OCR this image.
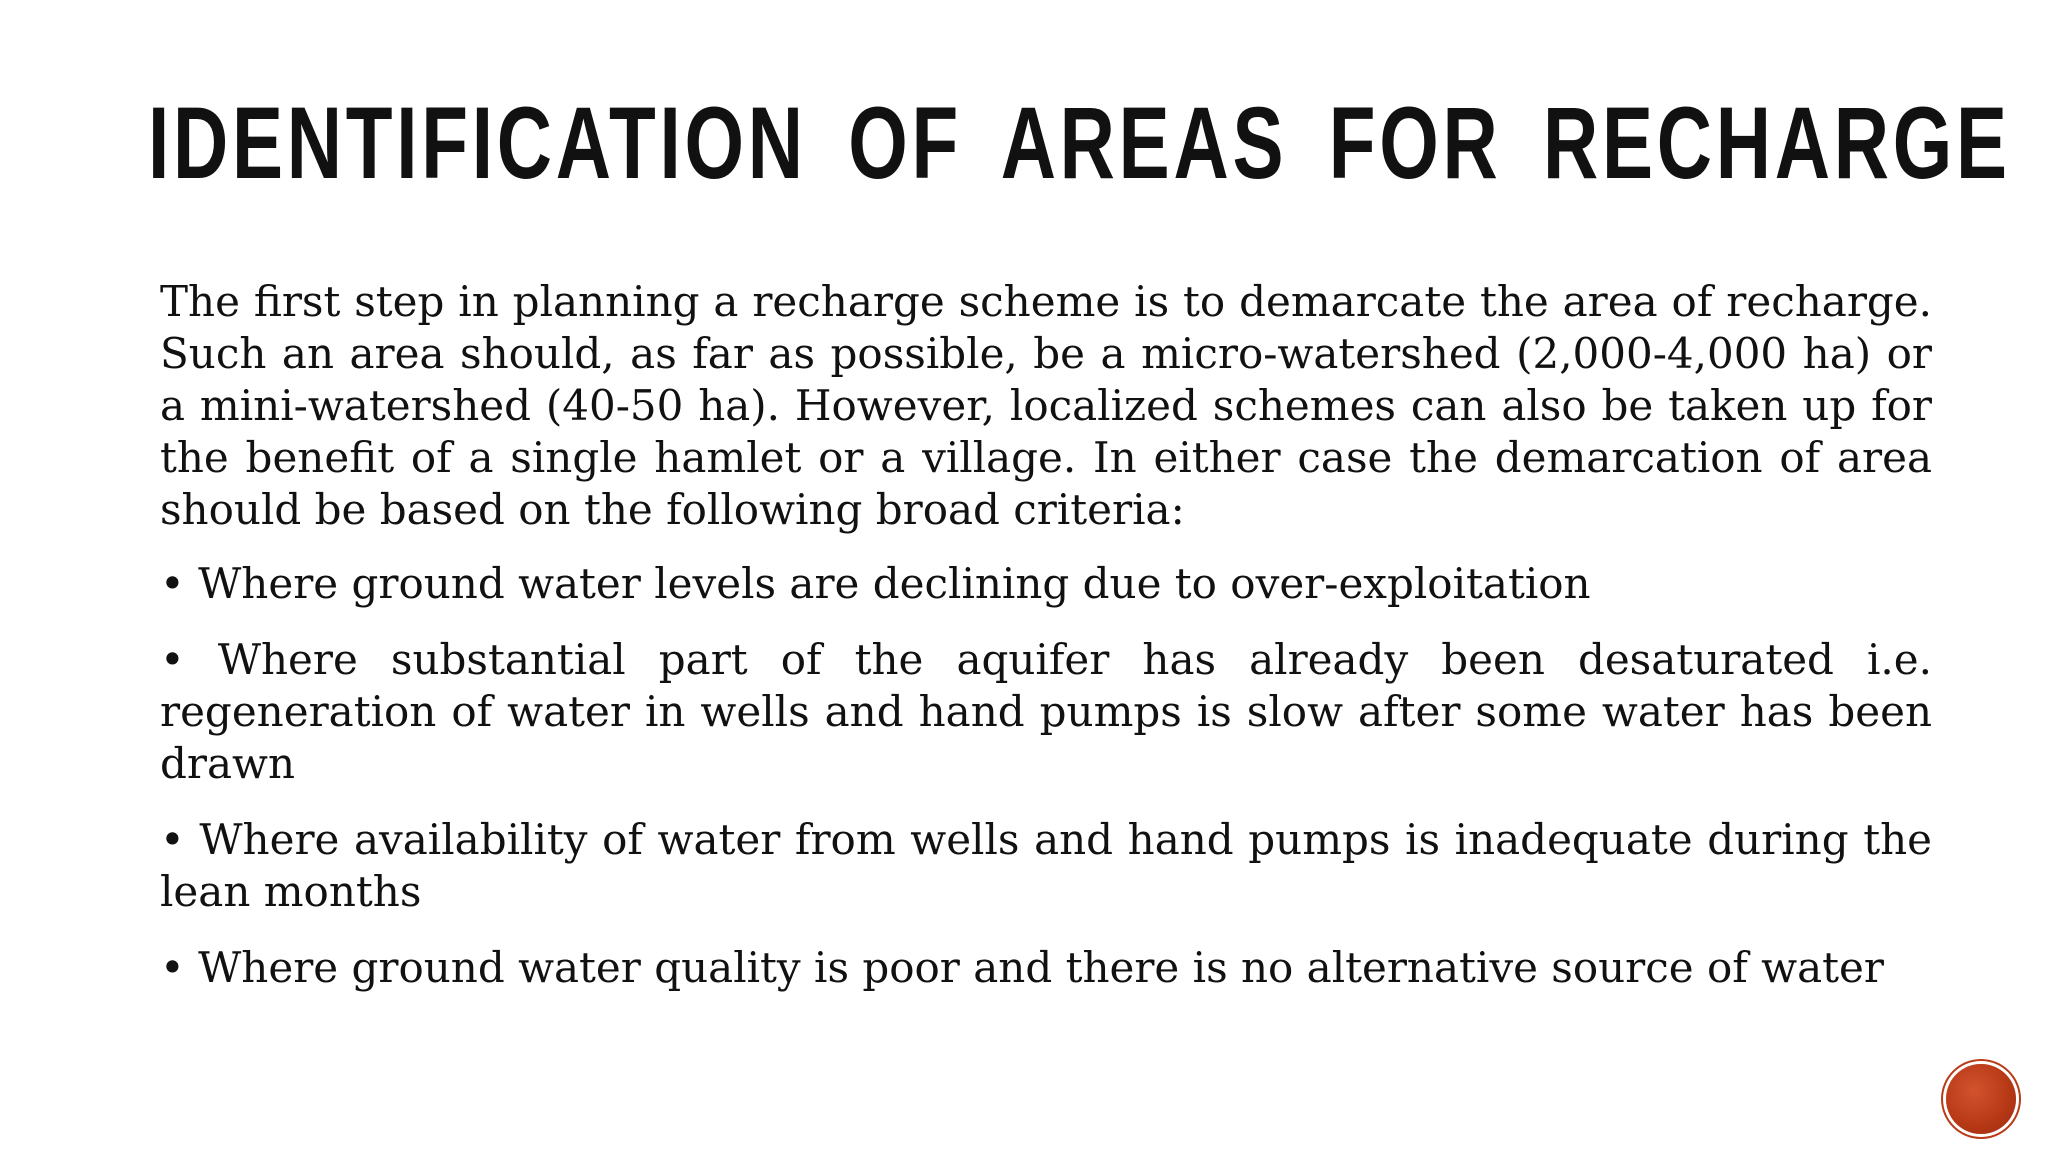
IDENTIFICATION OF AREAS FOR RECHARGE

The first step in planning a recharge scheme is to demarcate the area of recharge. Such an area should, as far as possible, be a micro-watershed (2,000-4,000 ha) or a mini-watershed (40-50 ha). However, localized schemes can also be taken up for the benefit of a single hamlet or a village. In either case the demarcation of area should be based on the following broad criteria:

• Where ground water levels are declining due to over-exploitation

• Where substantial part of the aquifer has already been desaturated i.e. regeneration of water in wells and hand pumps is slow after some water has been drawn

• Where availability of water from wells and hand pumps is inadequate during the lean months

• Where ground water quality is poor and there is no alternative source of water
